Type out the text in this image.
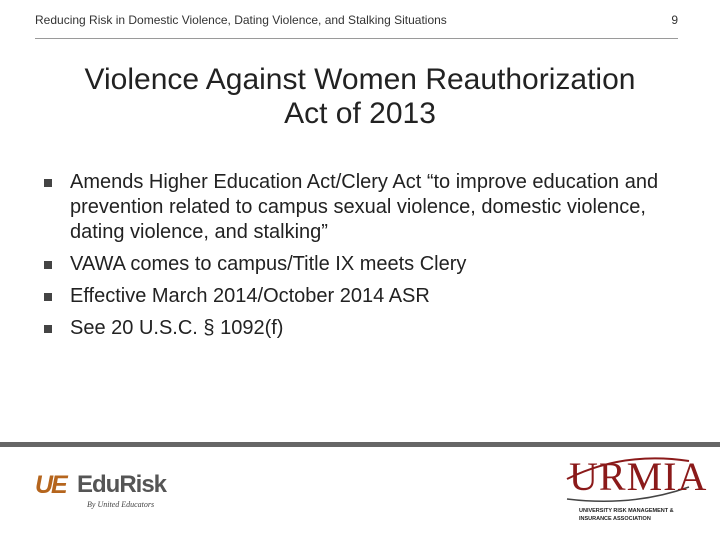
Reducing Risk in Domestic Violence, Dating Violence, and Stalking Situations	9
Violence Against Women Reauthorization
Act of 2013
Amends Higher Education Act/Clery Act “to improve education and prevention related to campus sexual violence, domestic violence, dating violence, and stalking”
VAWA comes to campus/Title IX meets Clery
Effective March 2014/October 2014 ASR
See 20 U.S.C. § 1092(f)
UE EduRisk
By United Educators
URMIA
UNIVERSITY RISK MANAGEMENT & INSURANCE ASSOCIATION
